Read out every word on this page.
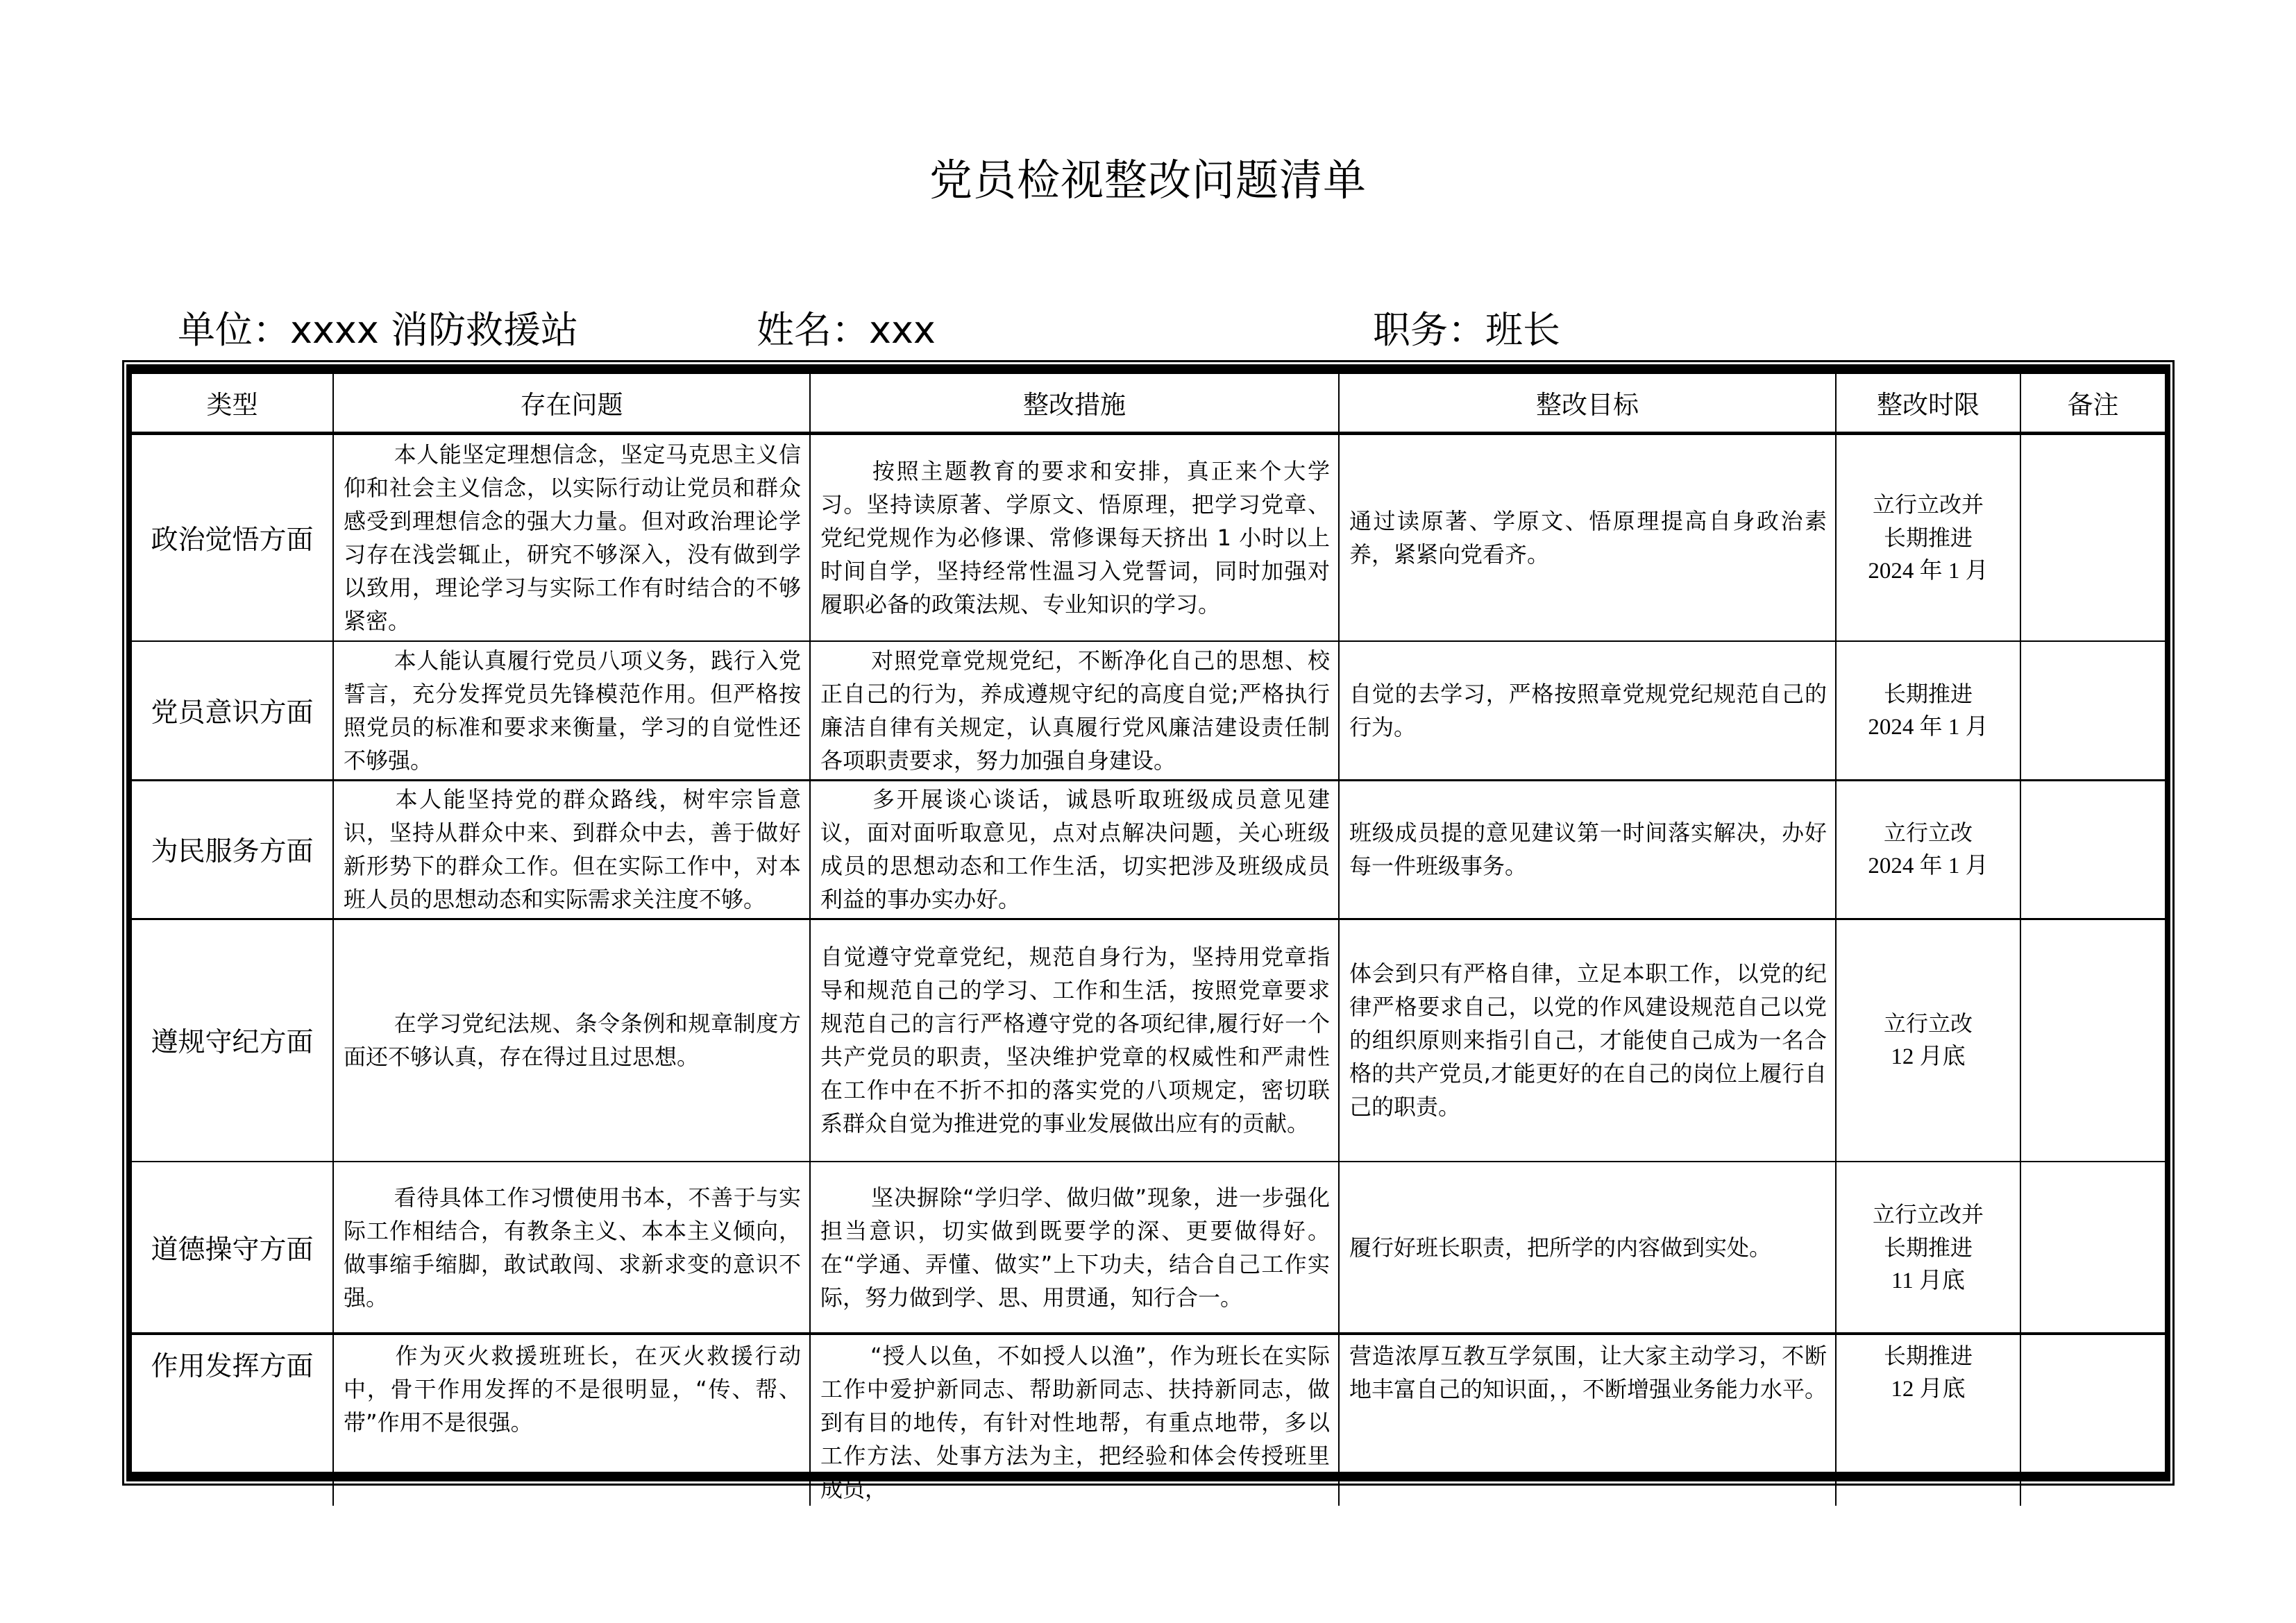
党员检视整改问题清单
单位：xxxx 消防救援站	姓名：xxx	职务：班长
类型	存在问题	整改措施	整改目标	整改时限	备注
政治觉悟方面	本人能坚定理想信念，坚定马克思主义信仰和社会主义信念，以实际行动让党员和群众感受到理想信念的强大力量。但对政治理论学习存在浅尝辄止，研究不够深入，没有做到学以致用，理论学习与实际工作有时结合的不够紧密。	按照主题教育的要求和安排，真正来个大学习。坚持读原著、学原文、悟原理，把学习党章、党纪党规作为必修课、常修课每天挤出 1 小时以上时间自学，坚持经常性温习入党誓词，同时加强对履职必备的政策法规、专业知识的学习。	通过读原著、学原文、悟原理提高自身政治素养，紧紧向党看齐。	立行立改并
长期推进
2024 年 1 月	

党员意识方面	本人能认真履行党员八项义务，践行入党誓言，充分发挥党员先锋模范作用。但严格按照党员的标准和要求来衡量，学习的自觉性还不够强。	对照党章党规党纪，不断净化自己的思想、校正自己的行为，养成遵规守纪的高度自觉;严格执行廉洁自律有关规定，认真履行党风廉洁建设责任制各项职责要求，努力加强自身建设。	自觉的去学习，严格按照章党规党纪规范自己的行为。	长期推进
2024 年 1 月	

为民服务方面	本人能坚持党的群众路线，树牢宗旨意识，坚持从群众中来、到群众中去，善于做好新形势下的群众工作。但在实际工作中，对本班人员的思想动态和实际需求关注度不够。	多开展谈心谈话，诚恳听取班级成员意见建议，面对面听取意见，点对点解决问题，关心班级成员的思想动态和工作生活，切实把涉及班级成员利益的事办实办好。	班级成员提的意见建议第一时间落实解决，办好每一件班级事务。	立行立改
2024 年 1 月	

遵规守纪方面	在学习党纪法规、条令条例和规章制度方面还不够认真，存在得过且过思想。	自觉遵守党章党纪，规范自身行为，坚持用党章指导和规范自己的学习、工作和生活，按照党章要求规范自己的言行严格遵守党的各项纪律,履行好一个共产党员的职责，坚决维护党章的权威性和严肃性在工作中在不折不扣的落实党的八项规定，密切联系群众自觉为推进党的事业发展做出应有的贡献。	体会到只有严格自律，立足本职工作，以党的纪律严格要求自己，以党的作风建设规范自己以党的组织原则来指引自己，才能使自己成为一名合格的共产党员,才能更好的在自己的岗位上履行自己的职责。	立行立改
12 月底	

道德操守方面	看待具体工作习惯使用书本，不善于与实际工作相结合，有教条主义、本本主义倾向，做事缩手缩脚，敢试敢闯、求新求变的意识不强。	坚决摒除“学归学、做归做”现象，进一步强化担当意识，切实做到既要学的深、更要做得好。在“学通、弄懂、做实”上下功夫，结合自己工作实际，努力做到学、思、用贯通，知行合一。	履行好班长职责，把所学的内容做到实处。	立行立改并
长期推进
11 月底	

作用发挥方面	作为灭火救援班班长，在灭火救援行动中，骨干作用发挥的不是很明显，“传、帮、带”作用不是很强。	“授人以鱼，不如授人以渔”，作为班长在实际工作中爱护新同志、帮助新同志、扶持新同志，做到有目的地传，有针对性地帮，有重点地带，多以工作方法、处事方法为主，把经验和体会传授班里成员，	营造浓厚互教互学氛围，让大家主动学习，不断地丰富自己的知识面，，不断增强业务能力水平。	长期推进
12 月底	
